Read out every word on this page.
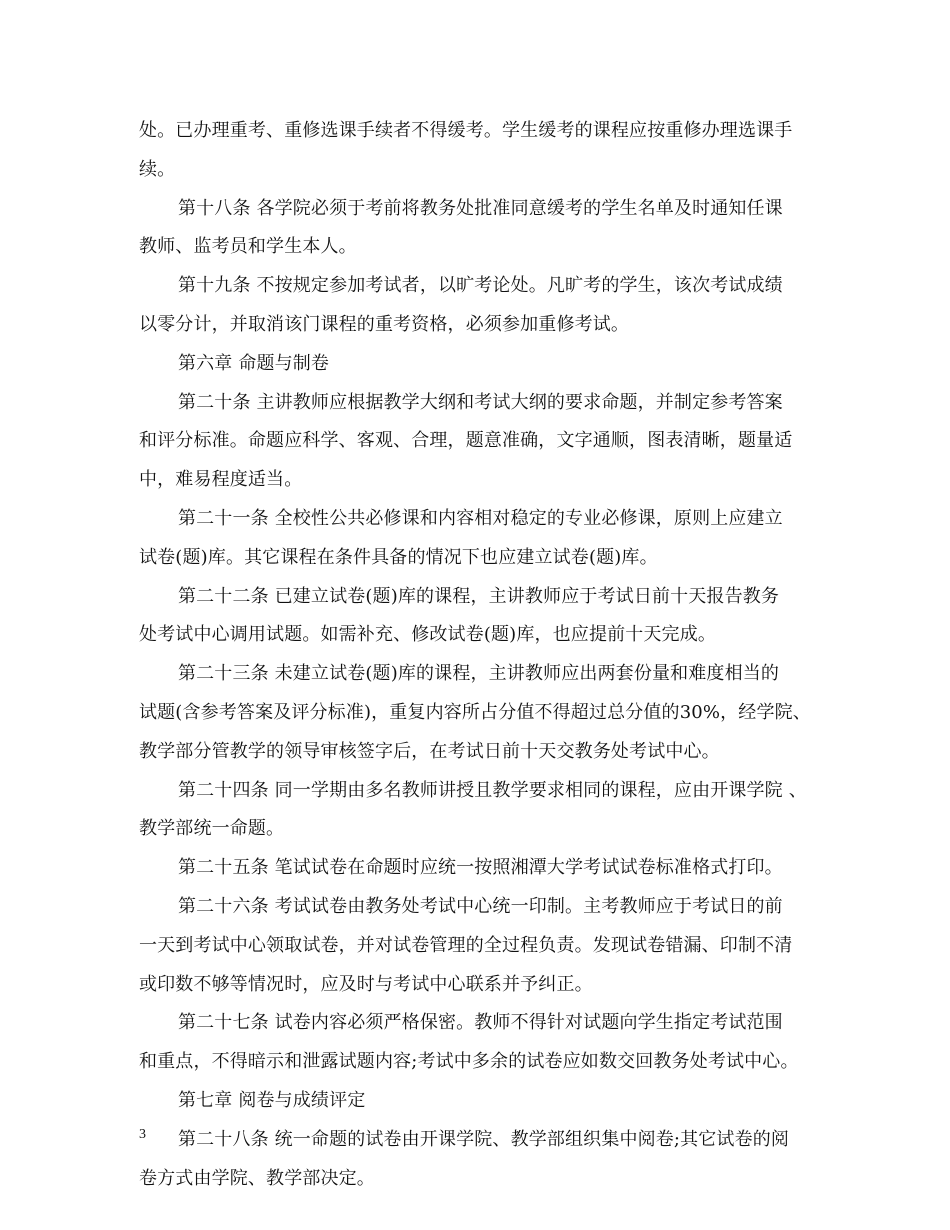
处。已办理重考、重修选课手续者不得缓考。学生缓考的课程应按重修办理选课手
续。
第十八条 各学院必须于考前将教务处批准同意缓考的学生名单及时通知任课
教师、监考员和学生本人。
第十九条 不按规定参加考试者，以旷考论处。凡旷考的学生，该次考试成绩
以零分计，并取消该门课程的重考资格，必须参加重修考试。
第六章 命题与制卷
第二十条 主讲教师应根据教学大纲和考试大纲的要求命题，并制定参考答案
和评分标准。命题应科学、客观、合理，题意准确，文字通顺，图表清晰，题量适
中，难易程度适当。
第二十一条 全校性公共必修课和内容相对稳定的专业必修课，原则上应建立
试卷(题)库。其它课程在条件具备的情况下也应建立试卷(题)库。
第二十二条 已建立试卷(题)库的课程，主讲教师应于考试日前十天报告教务
处考试中心调用试题。如需补充、修改试卷(题)库，也应提前十天完成。
第二十三条 未建立试卷(题)库的课程，主讲教师应出两套份量和难度相当的
试题(含参考答案及评分标准)，重复内容所占分值不得超过总分值的30%，经学院、
教学部分管教学的领导审核签字后，在考试日前十天交教务处考试中心。
第二十四条 同一学期由多名教师讲授且教学要求相同的课程，应由开课学院 、
教学部统一命题。
第二十五条 笔试试卷在命题时应统一按照湘潭大学考试试卷标准格式打印。
第二十六条 考试试卷由教务处考试中心统一印制。主考教师应于考试日的前
一天到考试中心领取试卷，并对试卷管理的全过程负责。发现试卷错漏、印制不清
或印数不够等情况时，应及时与考试中心联系并予纠正。
第二十七条 试卷内容必须严格保密。教师不得针对试题向学生指定考试范围
和重点，不得暗示和泄露试题内容;考试中多余的试卷应如数交回教务处考试中心。
第七章 阅卷与成绩评定
第二十八条 统一命题的试卷由开课学院、教学部组织集中阅卷;其它试卷的阅
卷方式由学院、教学部决定。
3
